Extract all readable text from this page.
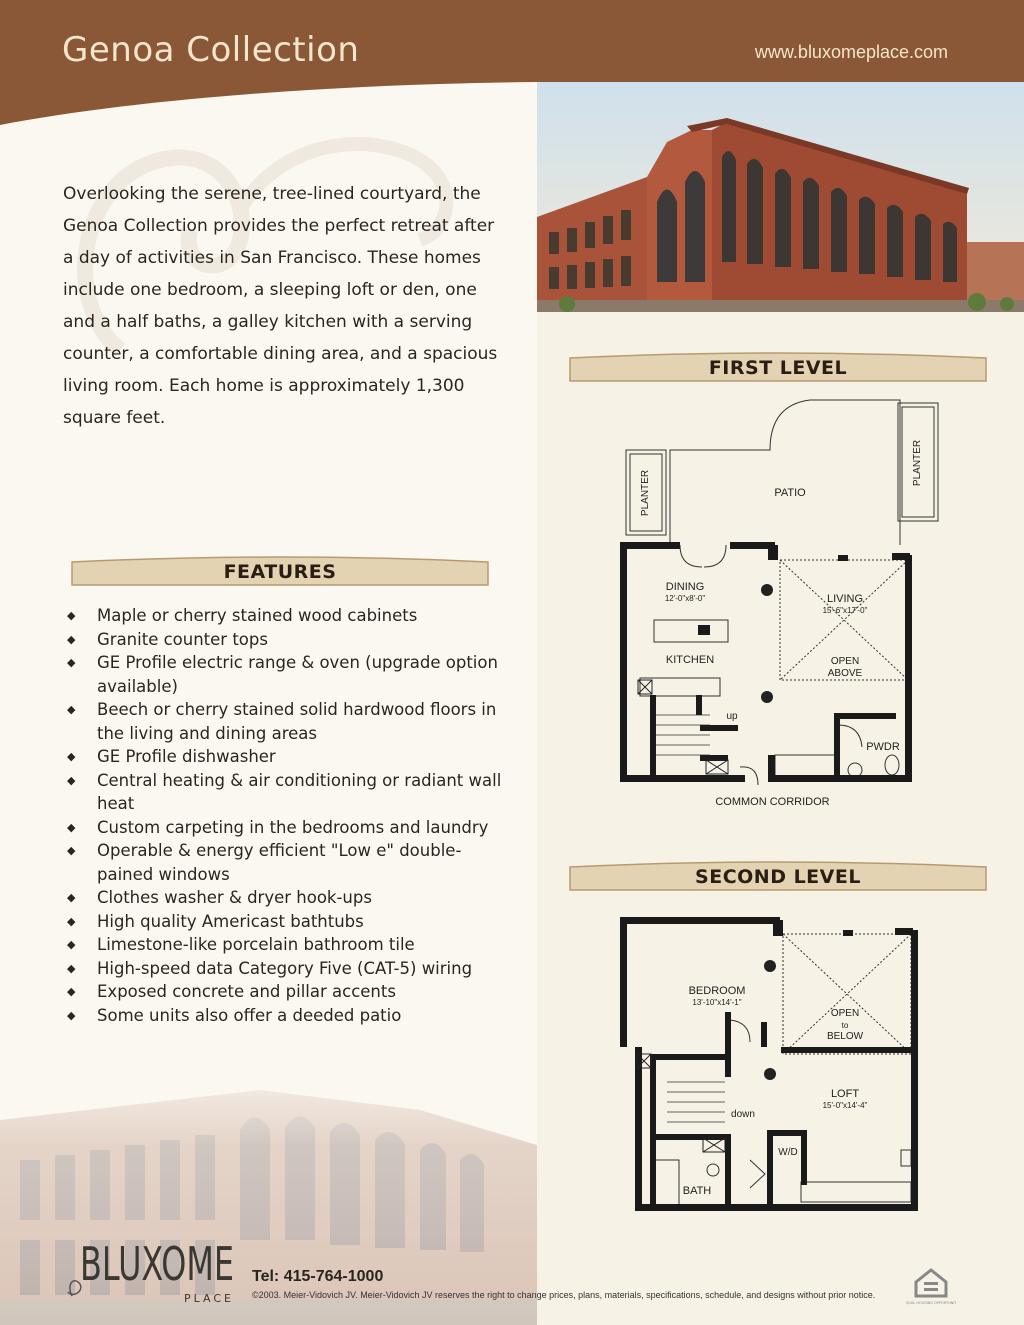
Genoa Collection	www.bluxomeplace.com
Overlooking the serene, tree-lined courtyard, the Genoa Collection provides the perfect retreat after a day of activities in San Francisco. These homes include one bedroom, a sleeping loft or den, one and a half baths, a galley kitchen with a serving counter, a comfortable dining area, and a spacious living room. Each home is approximately 1,300 square feet.
FEATURES
◆ Maple or cherry stained wood cabinets
◆ Granite counter tops
◆ GE Profile electric range & oven (upgrade option available)
◆ Beech or cherry stained solid hardwood floors in the living and dining areas
◆ GE Profile dishwasher
◆ Central heating & air conditioning or radiant wall heat
◆ Custom carpeting in the bedrooms and laundry
◆ Operable & energy efficient "Low e" double-pained windows
◆ Clothes washer & dryer hook-ups
◆ High quality Americast bathtubs
◆ Limestone-like porcelain bathroom tile
◆ High-speed data Category Five (CAT-5) wiring
◆ Exposed concrete and pillar accents
◆ Some units also offer a deeded patio
FIRST LEVEL
PLANTER
PLANTER
PATIO
DINING
12'-0"x8'-0"	LIVING
15'-6"x17'-0"
KITCHEN	OPEN
ABOVE
up
PWDR
COMMON CORRIDOR
SECOND LEVEL
BEDROOM
13'-10"x14'-1"
OPEN
to
BELOW
LOFT
15'-0"x14'-4"
down
W/D
BATH
BLUXOME
PLACE
Tel: 415-764-1000
©2003. Meier-Vidovich JV. Meier-Vidovich JV reserves the right to change prices, plans, materials, specifications, schedule, and designs without prior notice.
EQUAL HOUSING OPPORTUNITY
